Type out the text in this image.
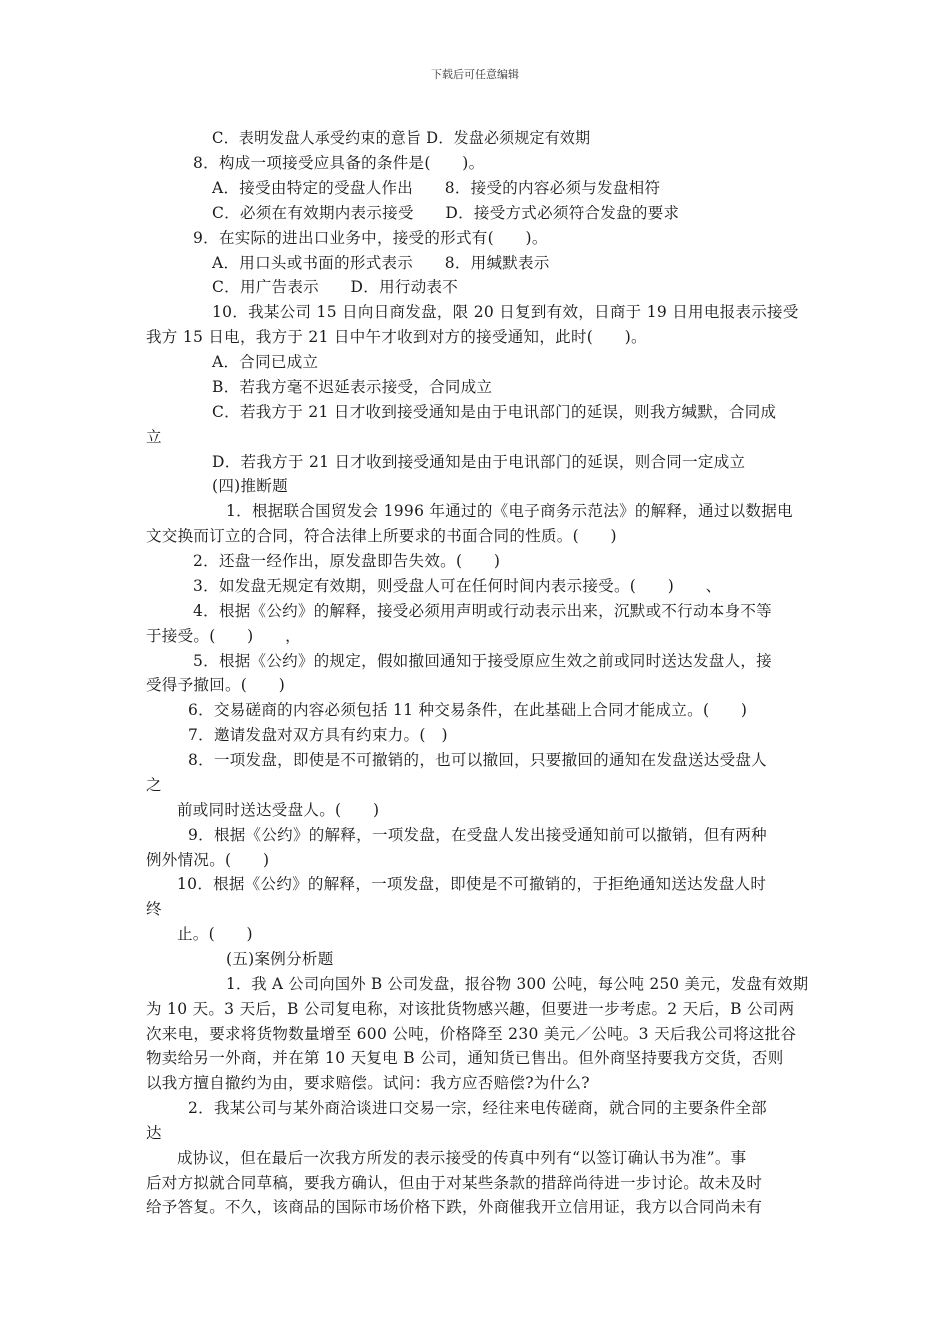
下载后可任意编辑
C．表明发盘人承受约束的意旨 D．发盘必须规定有效期
8．构成一项接受应具备的条件是(　　)。
A．接受由特定的受盘人作出　　8．接受的内容必须与发盘相符
C．必须在有效期内表示接受　　D．接受方式必须符合发盘的要求
9．在实际的进出口业务中，接受的形式有(　　)。
A．用口头或书面的形式表示　　8．用缄默表示
C．用广告表示　　D．用行动表不
10．我某公司 15 日向日商发盘，限 20 日复到有效，日商于 19 日用电报表示接受
我方 15 日电，我方于 21 日中午才收到对方的接受通知，此时(　　)。
A．合同已成立
B．若我方毫不迟延表示接受，合同成立
C．若我方于 21 日才收到接受通知是由于电讯部门的延误，则我方缄默，合同成
立
D．若我方于 21 日才收到接受通知是由于电讯部门的延误，则合同一定成立
(四)推断题
1．根据联合国贸发会 1996 年通过的《电子商务示范法》的解释，通过以数据电
文交换而订立的合同，符合法律上所要求的书面合同的性质。(　　)
2．还盘一经作出，原发盘即告失效。(　　)
3．如发盘无规定有效期，则受盘人可在任何时间内表示接受。(　　)　　、
4．根据《公约》的解释，接受必须用声明或行动表示出来，沉默或不行动本身不等
于接受。(　　)　　，
5．根据《公约》的规定，假如撤回通知于接受原应生效之前或同时送达发盘人，接
受得予撤回。(　　)
6．交易磋商的内容必须包括 11 种交易条件，在此基础上合同才能成立。(　　)
7．邀请发盘对双方具有约束力。(　)
8．一项发盘，即使是不可撤销的，也可以撤回，只要撤回的通知在发盘送达受盘人
之
前或同时送达受盘人。(　　)
9．根据《公约》的解释，一项发盘，在受盘人发出接受通知前可以撤销，但有两种
例外情况。(　　)
10．根据《公约》的解释，一项发盘，即使是不可撤销的，于拒绝通知送达发盘人时
终
止。(　　)
(五)案例分析题
1．我 A 公司向国外 B 公司发盘，报谷物 300 公吨，每公吨 250 美元，发盘有效期
为 10 天。3 天后，B 公司复电称，对该批货物感兴趣，但要进一步考虑。2 天后，B 公司两
次来电，要求将货物数量增至 600 公吨，价格降至 230 美元／公吨。3 天后我公司将这批谷
物卖给另一外商，并在第 10 天复电 B 公司，通知货已售出。但外商坚持要我方交货，否则
以我方擅自撤约为由，要求赔偿。试问：我方应否赔偿?为什么?
2．我某公司与某外商洽谈进口交易一宗，经往来电传磋商，就合同的主要条件全部
达
成协议，但在最后一次我方所发的表示接受的传真中列有“以签订确认书为准”。事
后对方拟就合同草稿，要我方确认，但由于对某些条款的措辞尚待进一步讨论。故未及时
给予答复。不久，该商品的国际市场价格下跌，外商催我开立信用证，我方以合同尚未有
